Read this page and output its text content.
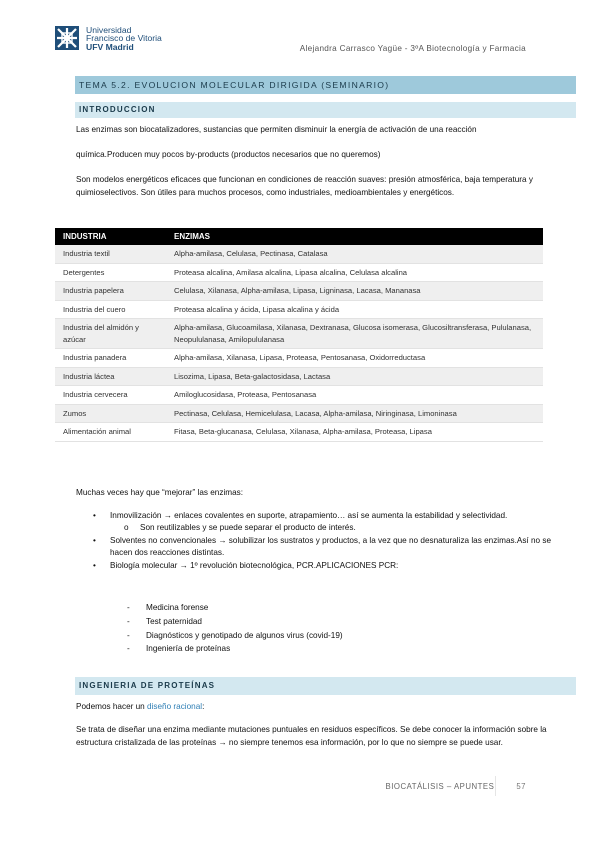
Universidad
Francisco de Vitoria
UFV Madrid	Alejandra Carrasco Yagüe - 3ºA Biotecnología y Farmacia
TEMA 5.2. EVOLUCION MOLECULAR DIRIGIDA (SEMINARIO)
INTRODUCCION
Las enzimas son biocatalizadores, sustancias que permiten disminuir la energía de activación de una reacción
química.Producen muy pocos by-products (productos necesarios que no queremos)
Son modelos energéticos eficaces que funcionan en condiciones de reacción suaves: presión atmosférica, baja temperatura y quimioselectivos. Son útiles para muchos procesos, como industriales, medioambientales y energéticos.
INDUSTRIA	ENZIMAS
Industria textil	Alpha-amilasa, Celulasa, Pectinasa, Catalasa
Detergentes	Proteasa alcalina, Amilasa alcalina, Lipasa alcalina, Celulasa alcalina
Industria papelera	Celulasa, Xilanasa, Alpha-amilasa, Lipasa, Ligninasa, Lacasa, Mananasa
Industria del cuero	Proteasa alcalina y ácida, Lipasa alcalina y ácida
Industria del almidón y azúcar	Alpha-amilasa, Glucoamilasa, Xilanasa, Dextranasa, Glucosa isomerasa, Glucosiltransferasa, Pululanasa, Neopululanasa, Amilopululanasa
Industria panadera	Alpha-amilasa, Xilanasa, Lipasa, Proteasa, Pentosanasa, Oxidorreductasa
Industria láctea	Lisozima, Lipasa, Beta-galactosidasa, Lactasa
Industria cervecera	Amiloglucosidasa, Proteasa, Pentosanasa
Zumos	Pectinasa, Celulasa, Hemicelulasa, Lacasa, Alpha-amilasa, Niringinasa, Limoninasa
Alimentación animal	Fitasa, Beta-glucanasa, Celulasa, Xilanasa, Alpha-amilasa, Proteasa, Lipasa
Muchas veces hay que “mejorar” las enzimas:
• Inmovilización → enlaces covalentes en suporte, atrapamiento… así se aumenta la estabilidad y selectividad.
o Son reutilizables y se puede separar el producto de interés.
• Solventes no convencionales → solubilizar los sustratos y productos, a la vez que no desnaturaliza las enzimas.Así no se hacen dos reacciones distintas.
• Biología molecular → 1º revolución biotecnológica, PCR.APLICACIONES PCR:
- Medicina forense
- Test paternidad
- Diagnósticos y genotipado de algunos virus (covid-19)
- Ingeniería de proteínas
INGENIERIA DE PROTEÍNAS
Podemos hacer un diseño racional:
Se trata de diseñar una enzima mediante mutaciones puntuales en residuos específicos. Se debe conocer la información sobre la estructura cristalizada de las proteínas → no siempre tenemos esa información, por lo que no siempre se puede usar.
BIOCATÁLISIS – APUNTES	57
